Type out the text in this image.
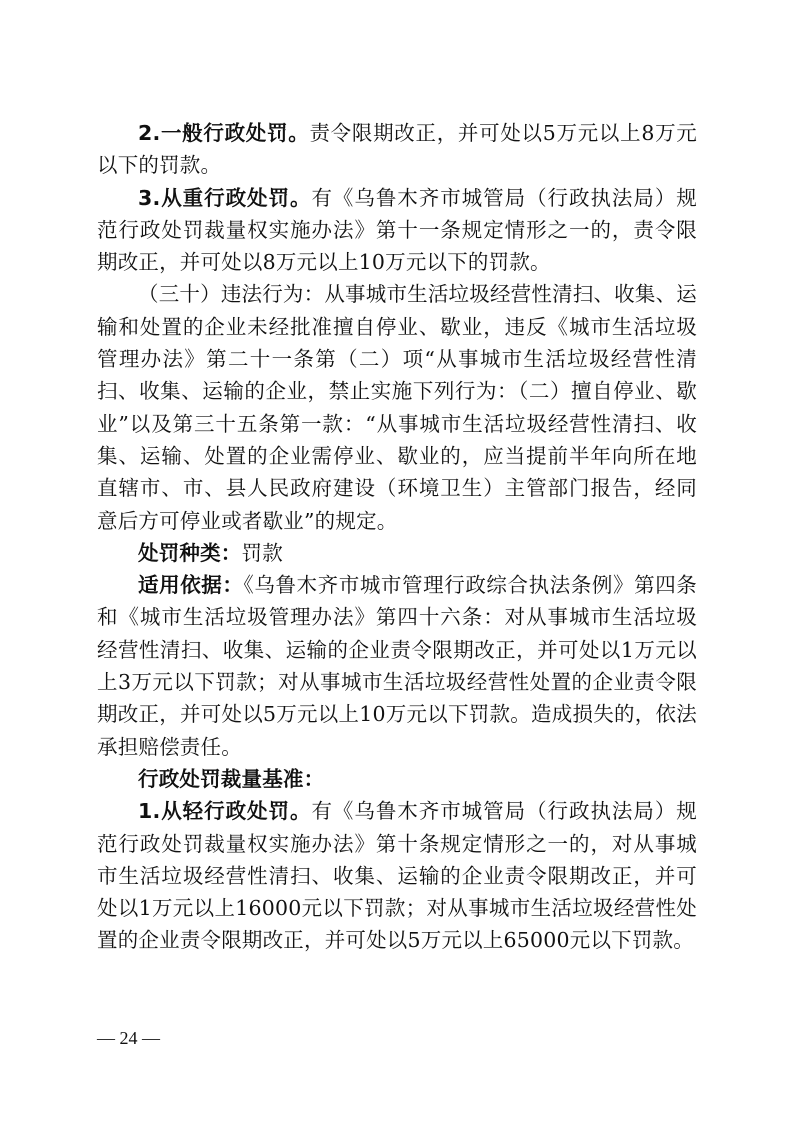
2.一般行政处罚。责令限期改正，并可处以5万元以上8万元以下的罚款。

3.从重行政处罚。有《乌鲁木齐市城管局（行政执法局）规范行政处罚裁量权实施办法》第十一条规定情形之一的，责令限期改正，并可处以8万元以上10万元以下的罚款。

（三十）违法行为：从事城市生活垃圾经营性清扫、收集、运输和处置的企业未经批准擅自停业、歇业，违反《城市生活垃圾管理办法》第二十一条第（二）项“从事城市生活垃圾经营性清扫、收集、运输的企业，禁止实施下列行为：（二）擅自停业、歇业”以及第三十五条第一款：“从事城市生活垃圾经营性清扫、收集、运输、处置的企业需停业、歇业的，应当提前半年向所在地直辖市、市、县人民政府建设（环境卫生）主管部门报告，经同意后方可停业或者歇业”的规定。

处罚种类：罚款

适用依据：《乌鲁木齐市城市管理行政综合执法条例》第四条和《城市生活垃圾管理办法》第四十六条：对从事城市生活垃圾经营性清扫、收集、运输的企业责令限期改正，并可处以1万元以上3万元以下罚款；对从事城市生活垃圾经营性处置的企业责令限期改正，并可处以5万元以上10万元以下罚款。造成损失的，依法承担赔偿责任。

行政处罚裁量基准：

1.从轻行政处罚。有《乌鲁木齐市城管局（行政执法局）规范行政处罚裁量权实施办法》第十条规定情形之一的，对从事城市生活垃圾经营性清扫、收集、运输的企业责令限期改正，并可处以1万元以上16000元以下罚款；对从事城市生活垃圾经营性处置的企业责令限期改正，并可处以5万元以上65000元以下罚款。

— 24 —
